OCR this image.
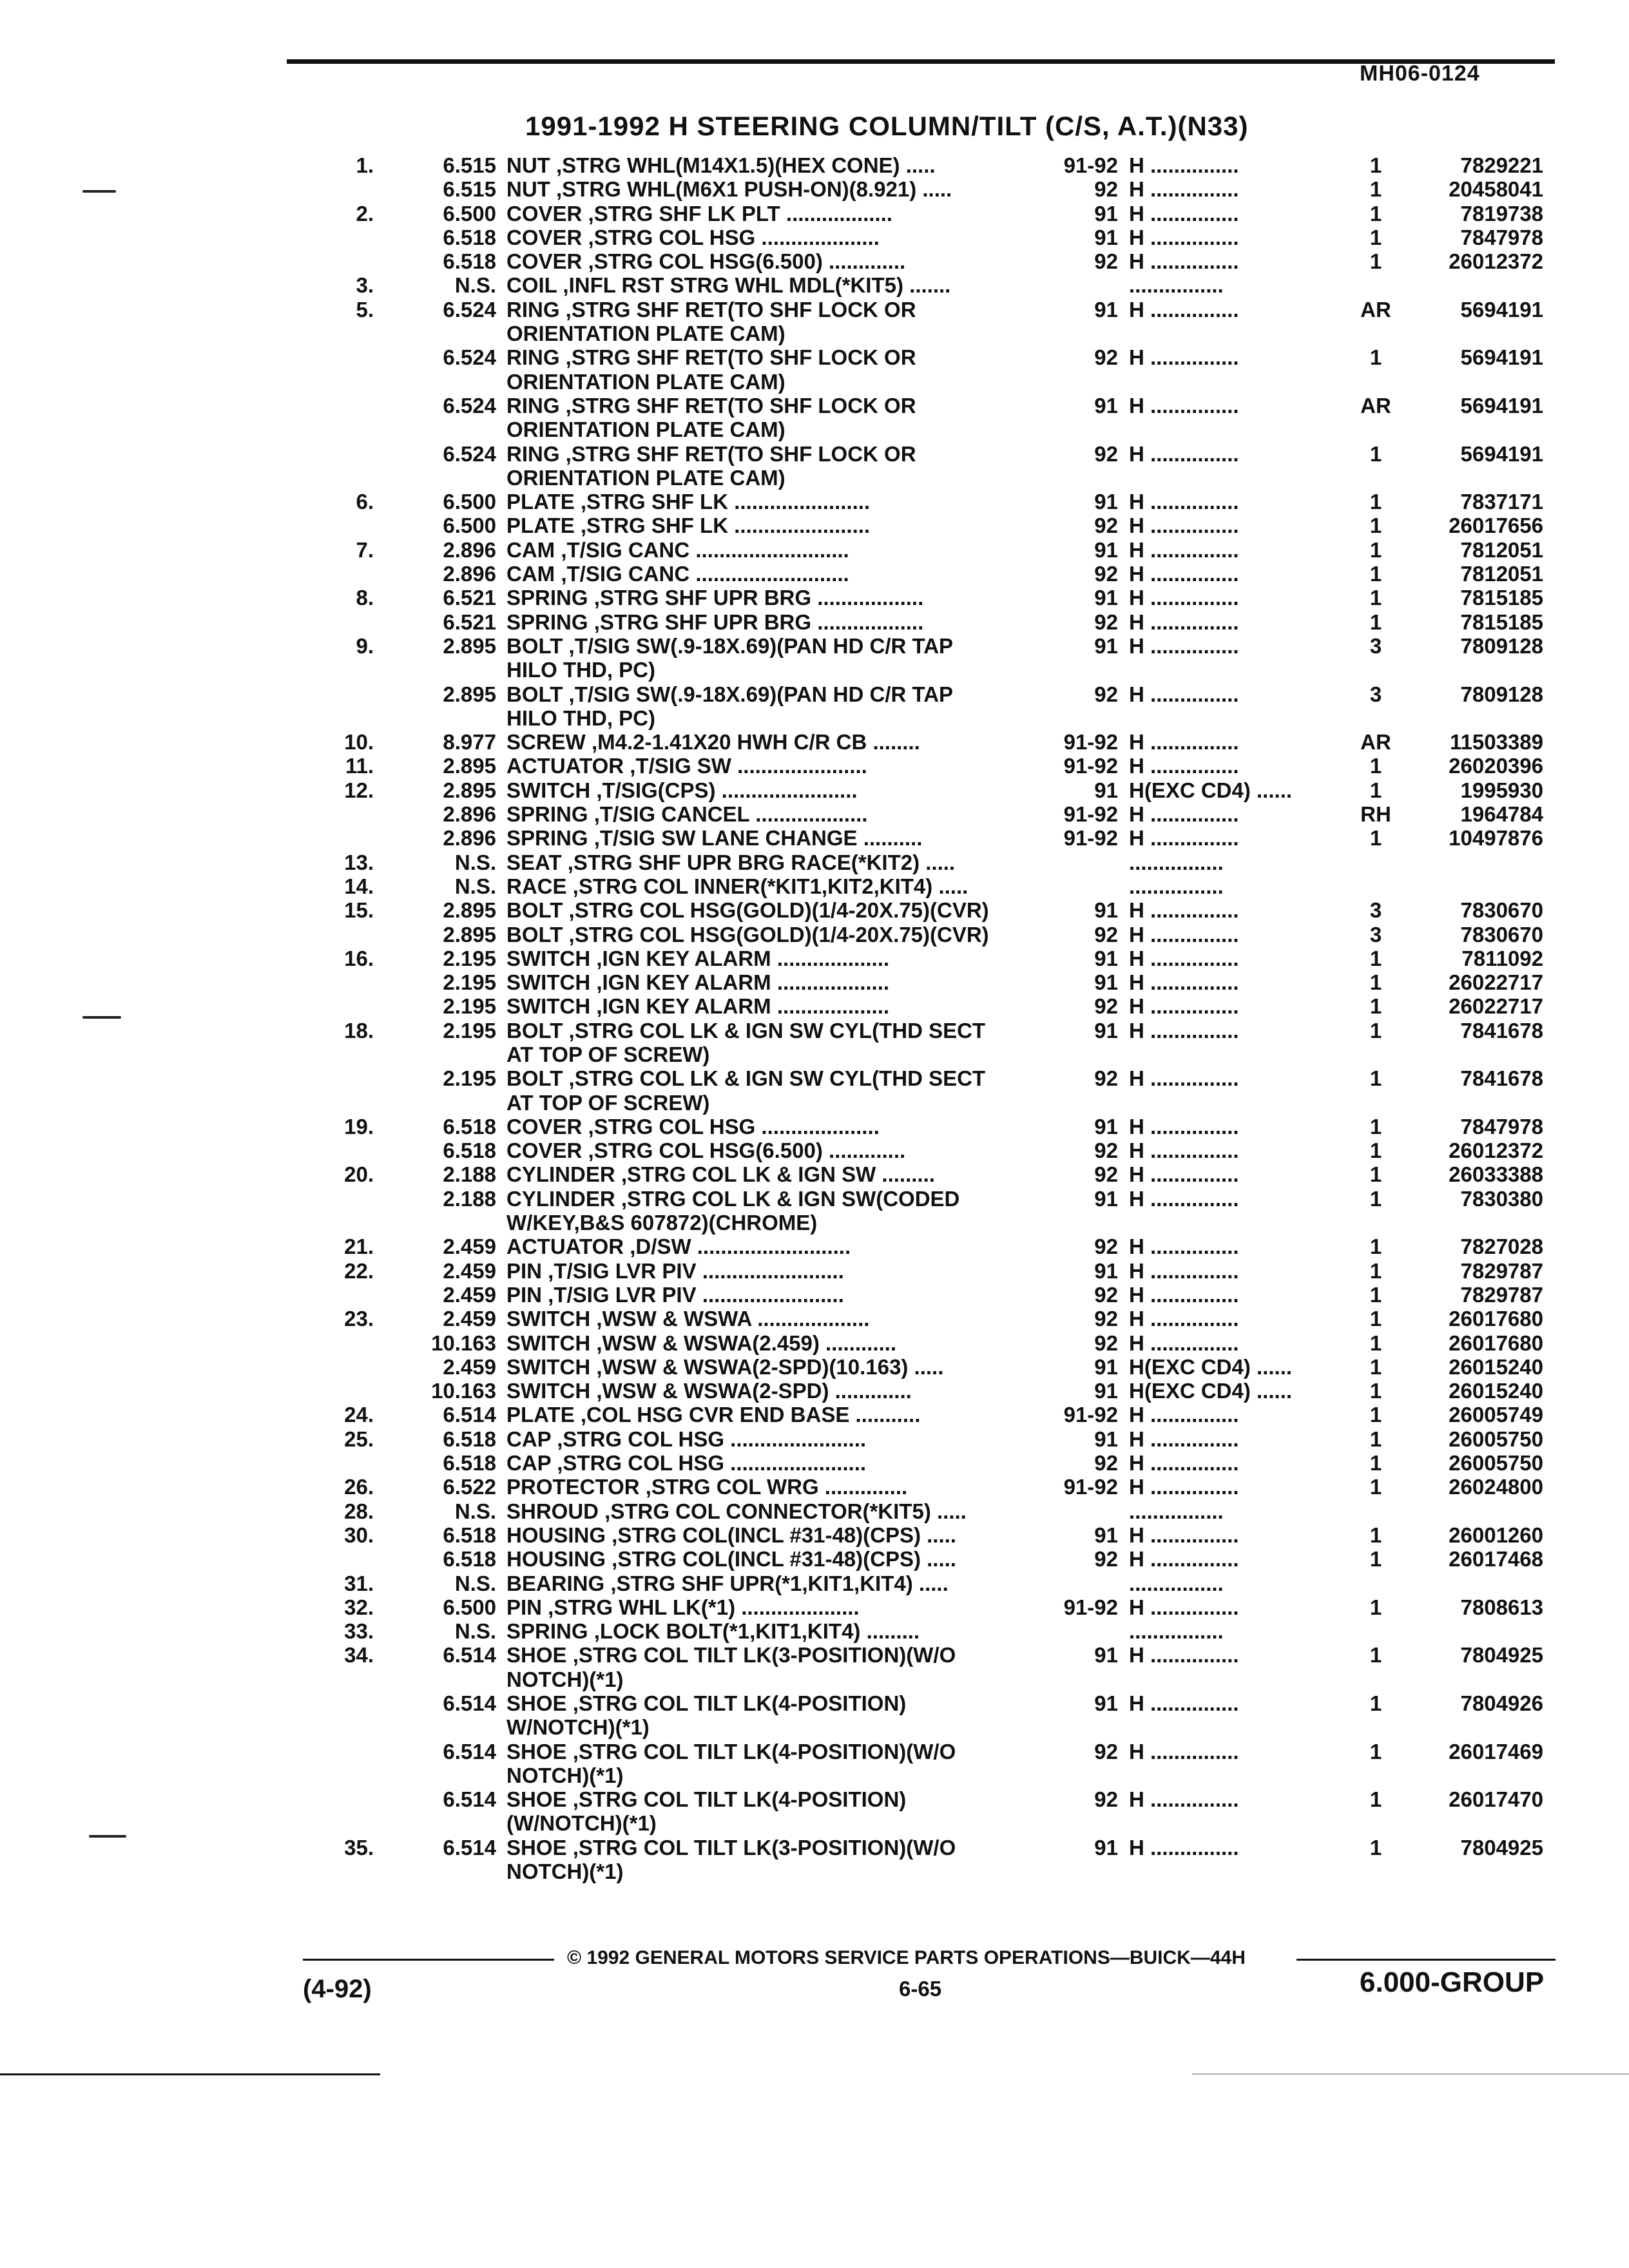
MH06-0124
1991-1992 H STEERING COLUMN/TILT (C/S, A.T.)(N33)
1.	6.515 NUT ,STRG WHL(M14X1.5)(HEX CONE) .....	91-92 H ...............	1	7829221
6.515 NUT ,STRG WHL(M6X1 PUSH-ON)(8.921) .....	92 H ...............	1	20458041
2.	6.500 COVER ,STRG SHF LK PLT ..................	91 H ...............	1	7819738
6.518 COVER ,STRG COL HSG ....................	91 H ...............	1	7847978
6.518 COVER ,STRG COL HSG(6.500) .............	92 H ...............	1	26012372
3.	N.S. COIL ,INFL RST STRG WHL MDL(*KIT5) .......	................
5.	6.524 RING ,STRG SHF RET(TO SHF LOCK OR	91 H ...............	AR	5694191
ORIENTATION PLATE CAM)
6.524 RING ,STRG SHF RET(TO SHF LOCK OR	92 H ...............	1	5694191
ORIENTATION PLATE CAM)
6.524 RING ,STRG SHF RET(TO SHF LOCK OR	91 H ...............	AR	5694191
ORIENTATION PLATE CAM)
6.524 RING ,STRG SHF RET(TO SHF LOCK OR	92 H ...............	1	5694191
ORIENTATION PLATE CAM)
6.	6.500 PLATE ,STRG SHF LK .......................	91 H ...............	1	7837171
6.500 PLATE ,STRG SHF LK .......................	92 H ...............	1	26017656
7.	2.896 CAM ,T/SIG CANC ..........................	91 H ...............	1	7812051
2.896 CAM ,T/SIG CANC ..........................	92 H ...............	1	7812051
8.	6.521 SPRING ,STRG SHF UPR BRG ..................	91 H ...............	1	7815185
6.521 SPRING ,STRG SHF UPR BRG ..................	92 H ...............	1	7815185
9.	2.895 BOLT ,T/SIG SW(.9-18X.69)(PAN HD C/R TAP	91 H ...............	3	7809128
HILO THD, PC)
2.895 BOLT ,T/SIG SW(.9-18X.69)(PAN HD C/R TAP	92 H ...............	3	7809128
HILO THD, PC)
10.	8.977 SCREW ,M4.2-1.41X20 HWH C/R CB ........	91-92 H ...............	AR	11503389
11.	2.895 ACTUATOR ,T/SIG SW ......................	91-92 H ...............	1	26020396
12.	2.895 SWITCH ,T/SIG(CPS) .......................	91 H(EXC CD4) ......	1	1995930
2.896 SPRING ,T/SIG CANCEL ...................	91-92 H ...............	RH	1964784
2.896 SPRING ,T/SIG SW LANE CHANGE ..........	91-92 H ...............	1	10497876
13.	N.S. SEAT ,STRG SHF UPR BRG RACE(*KIT2) .....	................
14.	N.S. RACE ,STRG COL INNER(*KIT1,KIT2,KIT4) .....	................
15.	2.895 BOLT ,STRG COL HSG(GOLD)(1/4-20X.75)(CVR)	91 H ...............	3	7830670
2.895 BOLT ,STRG COL HSG(GOLD)(1/4-20X.75)(CVR)	92 H ...............	3	7830670
16.	2.195 SWITCH ,IGN KEY ALARM ...................	91 H ...............	1	7811092
2.195 SWITCH ,IGN KEY ALARM ...................	91 H ...............	1	26022717
2.195 SWITCH ,IGN KEY ALARM ...................	92 H ...............	1	26022717
18.	2.195 BOLT ,STRG COL LK & IGN SW CYL(THD SECT	91 H ...............	1	7841678
AT TOP OF SCREW)
2.195 BOLT ,STRG COL LK & IGN SW CYL(THD SECT	92 H ...............	1	7841678
AT TOP OF SCREW)
19.	6.518 COVER ,STRG COL HSG ....................	91 H ...............	1	7847978
6.518 COVER ,STRG COL HSG(6.500) .............	92 H ...............	1	26012372
20.	2.188 CYLINDER ,STRG COL LK & IGN SW .........	92 H ...............	1	26033388
2.188 CYLINDER ,STRG COL LK & IGN SW(CODED	91 H ...............	1	7830380
W/KEY,B&S 607872)(CHROME)
21.	2.459 ACTUATOR ,D/SW ..........................	92 H ...............	1	7827028
22.	2.459 PIN ,T/SIG LVR PIV ........................	91 H ...............	1	7829787
2.459 PIN ,T/SIG LVR PIV ........................	92 H ...............	1	7829787
23.	2.459 SWITCH ,WSW & WSWA ...................	92 H ...............	1	26017680
10.163 SWITCH ,WSW & WSWA(2.459) ............	92 H ...............	1	26017680
2.459 SWITCH ,WSW & WSWA(2-SPD)(10.163) .....	91 H(EXC CD4) ......	1	26015240
10.163 SWITCH ,WSW & WSWA(2-SPD) .............	91 H(EXC CD4) ......	1	26015240
24.	6.514 PLATE ,COL HSG CVR END BASE ...........	91-92 H ...............	1	26005749
25.	6.518 CAP ,STRG COL HSG .......................	91 H ...............	1	26005750
6.518 CAP ,STRG COL HSG .......................	92 H ...............	1	26005750
26.	6.522 PROTECTOR ,STRG COL WRG ..............	91-92 H ...............	1	26024800
28.	N.S. SHROUD ,STRG COL CONNECTOR(*KIT5) .....	................
30.	6.518 HOUSING ,STRG COL(INCL #31-48)(CPS) .....	91 H ...............	1	26001260
6.518 HOUSING ,STRG COL(INCL #31-48)(CPS) .....	92 H ...............	1	26017468
31.	N.S. BEARING ,STRG SHF UPR(*1,KIT1,KIT4) .....	................
32.	6.500 PIN ,STRG WHL LK(*1) ....................	91-92 H ...............	1	7808613
33.	N.S. SPRING ,LOCK BOLT(*1,KIT1,KIT4) .........	................
34.	6.514 SHOE ,STRG COL TILT LK(3-POSITION)(W/O	91 H ...............	1	7804925
NOTCH)(*1)
6.514 SHOE ,STRG COL TILT LK(4-POSITION)	91 H ...............	1	7804926
W/NOTCH)(*1)
6.514 SHOE ,STRG COL TILT LK(4-POSITION)(W/O	92 H ...............	1	26017469
NOTCH)(*1)
6.514 SHOE ,STRG COL TILT LK(4-POSITION)	92 H ...............	1	26017470
(W/NOTCH)(*1)
35.	6.514 SHOE ,STRG COL TILT LK(3-POSITION)(W/O	91 H ...............	1	7804925
NOTCH)(*1)
© 1992 GENERAL MOTORS SERVICE PARTS OPERATIONS—BUICK—44H
(4-92)	6-65	6.000-GROUP
